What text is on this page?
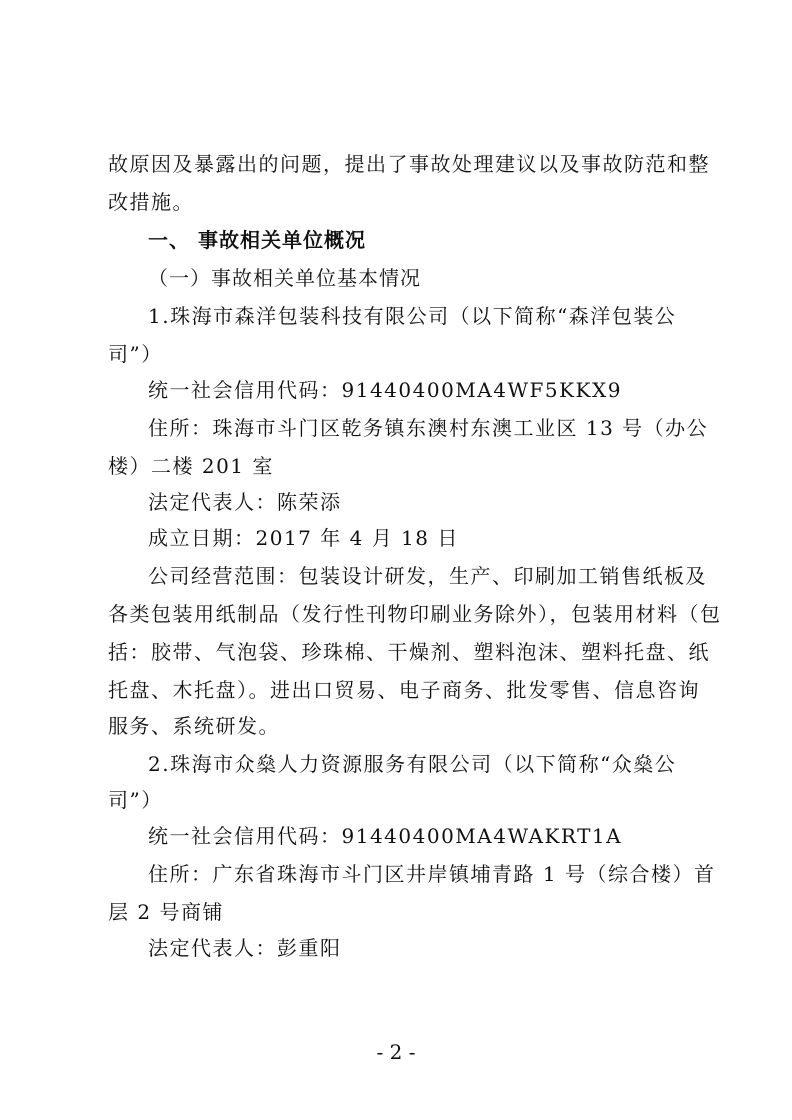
故原因及暴露出的问题，提出了事故处理建议以及事故防范和整
改措施。
一、 事故相关单位概况
（一）事故相关单位基本情况
1.珠海市森洋包装科技有限公司（以下简称“森洋包装公
司”）
统一社会信用代码：91440400MA4WF5KKX9
住所：珠海市斗门区乾务镇东澳村东澳工业区 13 号（办公
楼）二楼 201 室
法定代表人：陈荣添
成立日期：2017 年 4 月 18 日
公司经营范围：包装设计研发，生产、印刷加工销售纸板及
各类包装用纸制品（发行性刊物印刷业务除外），包装用材料（包
括：胶带、气泡袋、珍珠棉、干燥剂、塑料泡沫、塑料托盘、纸
托盘、木托盘）。进出口贸易、电子商务、批发零售、信息咨询
服务、系统研发。
2.珠海市众燊人力资源服务有限公司（以下简称“众燊公
司”）
统一社会信用代码：91440400MA4WAKRT1A
住所：广东省珠海市斗门区井岸镇埔青路 1 号（综合楼）首
层 2 号商铺
法定代表人：彭重阳
- 2 -
